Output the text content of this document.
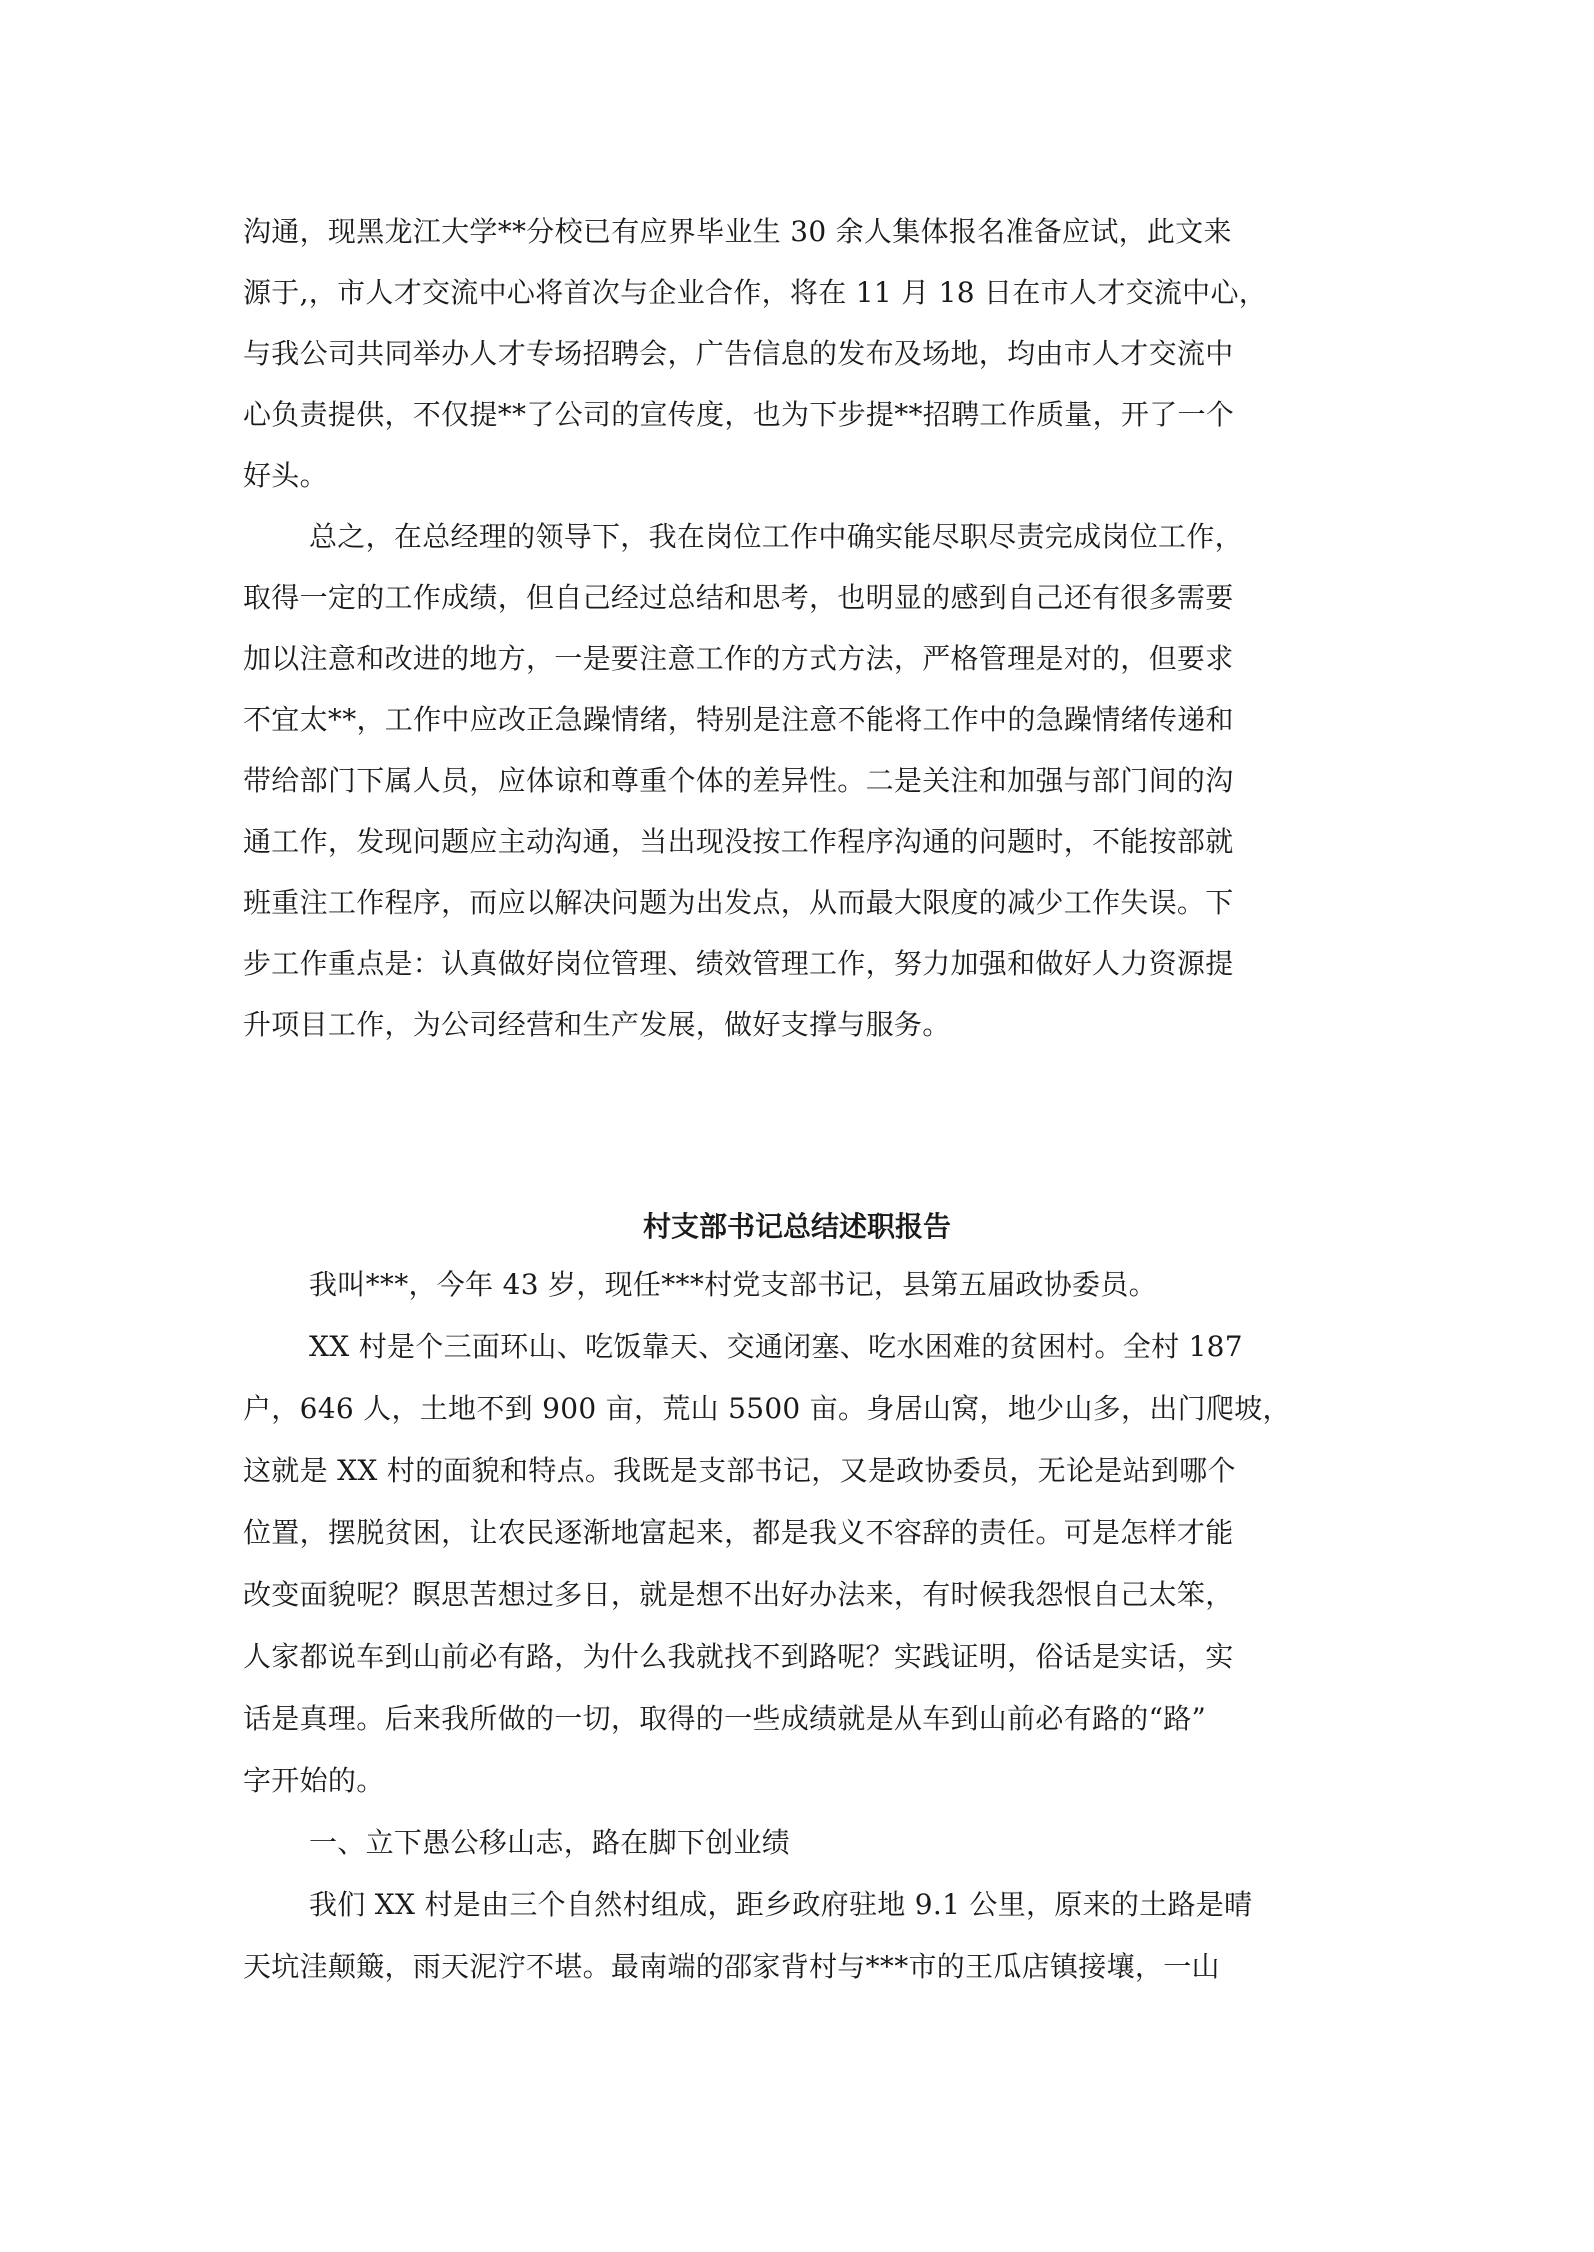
沟通，现黑龙江大学**分校已有应界毕业生 30 余人集体报名准备应试，此文来
源于,，市人才交流中心将首次与企业合作，将在 11 月 18 日在市人才交流中心，
与我公司共同举办人才专场招聘会，广告信息的发布及场地，均由市人才交流中
心负责提供，不仅提**了公司的宣传度，也为下步提**招聘工作质量，开了一个
好头。
总之，在总经理的领导下，我在岗位工作中确实能尽职尽责完成岗位工作，
取得一定的工作成绩，但自己经过总结和思考，也明显的感到自己还有很多需要
加以注意和改进的地方，一是要注意工作的方式方法，严格管理是对的，但要求
不宜太**，工作中应改正急躁情绪，特别是注意不能将工作中的急躁情绪传递和
带给部门下属人员，应体谅和尊重个体的差异性。二是关注和加强与部门间的沟
通工作，发现问题应主动沟通，当出现没按工作程序沟通的问题时，不能按部就
班重注工作程序，而应以解决问题为出发点，从而最大限度的减少工作失误。下
步工作重点是：认真做好岗位管理、绩效管理工作，努力加强和做好人力资源提
升项目工作，为公司经营和生产发展，做好支撑与服务。
村支部书记总结述职报告
我叫***，今年 43 岁，现任***村党支部书记，县第五届政协委员。
XX 村是个三面环山、吃饭靠天、交通闭塞、吃水困难的贫困村。全村 187
户，646 人，土地不到 900 亩，荒山 5500 亩。身居山窝，地少山多，出门爬坡，
这就是 XX 村的面貌和特点。我既是支部书记，又是政协委员，无论是站到哪个
位置，摆脱贫困，让农民逐渐地富起来，都是我义不容辞的责任。可是怎样才能
改变面貌呢？瞑思苦想过多日，就是想不出好办法来，有时候我怨恨自己太笨，
人家都说车到山前必有路，为什么我就找不到路呢？实践证明，俗话是实话，实
话是真理。后来我所做的一切，取得的一些成绩就是从车到山前必有路的“路”
字开始的。
一、立下愚公移山志，路在脚下创业绩
我们 XX 村是由三个自然村组成，距乡政府驻地 9.1 公里，原来的土路是晴
天坑洼颠簸，雨天泥泞不堪。最南端的邵家背村与***市的王瓜店镇接壤，一山
